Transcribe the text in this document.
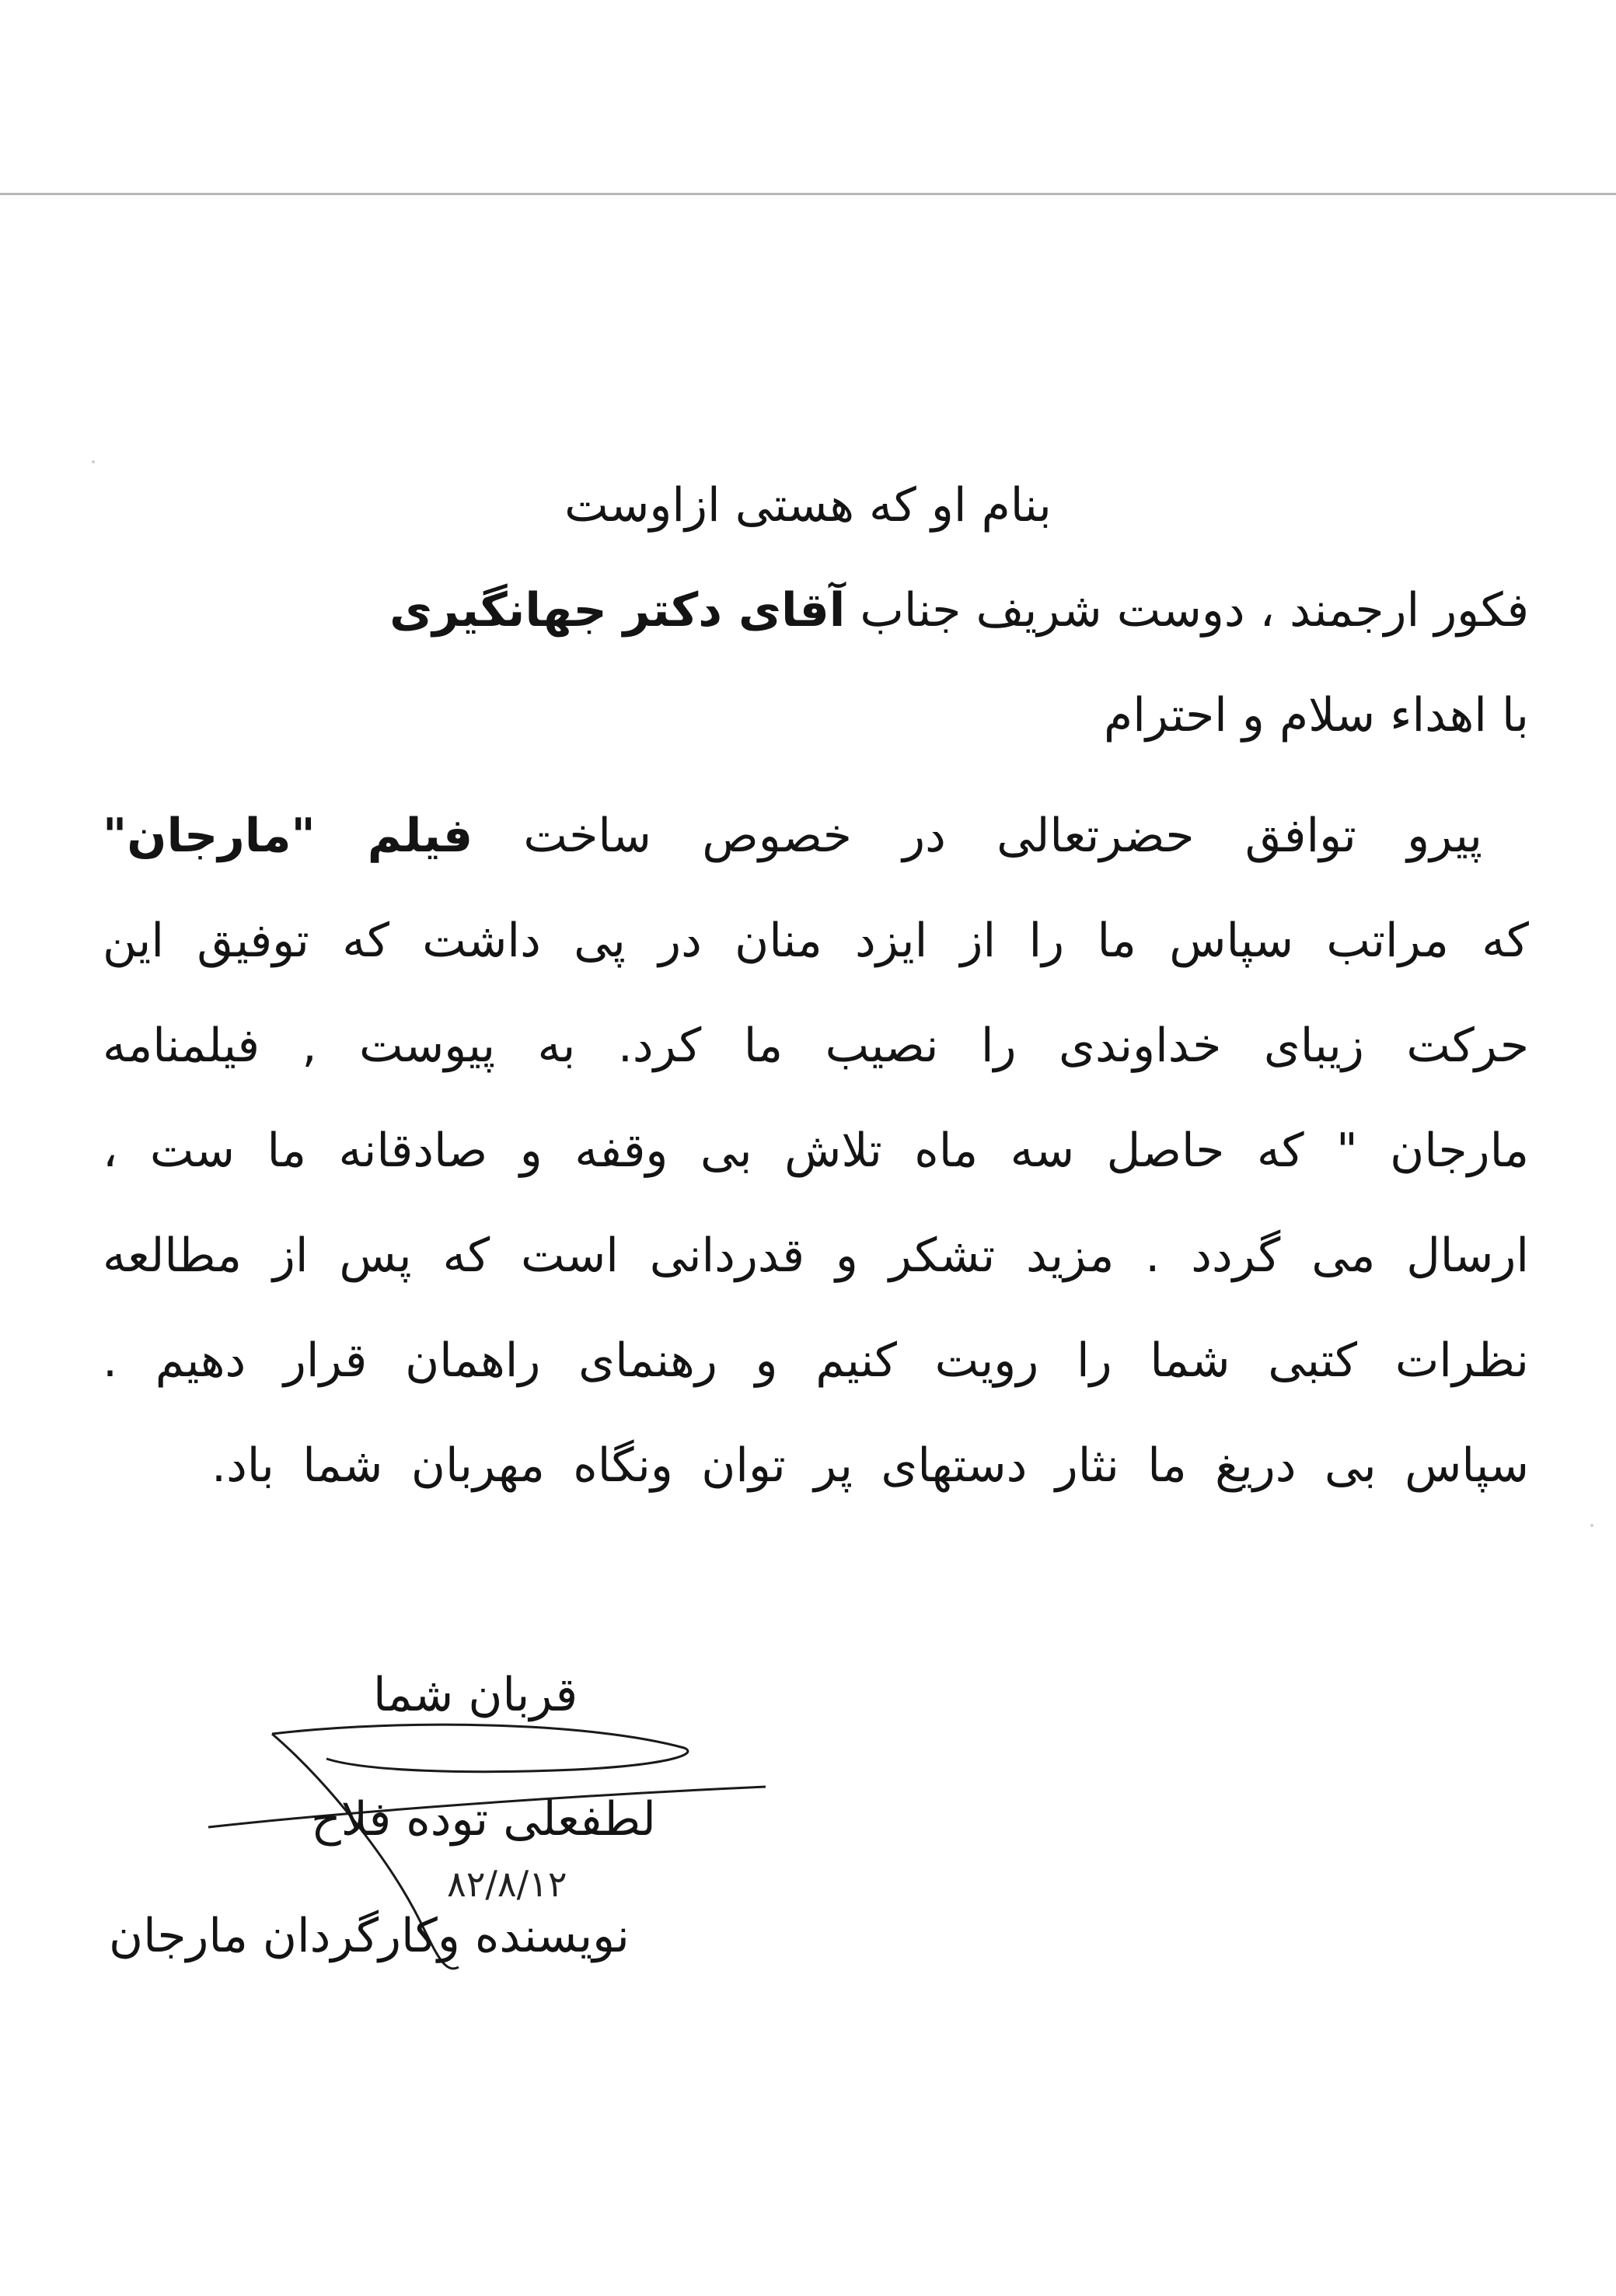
بنام او که هستی ازاوست
فکور ارجمند ، دوست شریف جناب آقای دکتر جهانگیری
با اهداء سلام و احترام
پیرو توافق حضرتعالی در خصوص ساخت فیلم "مارجان"
که مراتب سپاس ما را از ایزد منان در پی داشت که توفیق این
حرکت زیبای خداوندی را نصیب ما کرد. به پیوست , فیلمنامه
مارجان " که حاصل سه ماه تلاش بی وقفه و صادقانه ما ست ،
ارسال می گردد . مزید تشکر و قدردانی است که پس از مطالعه
نظرات کتبی شما را رویت کنیم و رهنمای راهمان قرار دهیم .
سپاس بی دریغ ما نثار دستهای پر توان ونگاه مهربان شما باد.
قربان شما
لطفعلی توده فلاح
۸۲/۸/۱۲
نویسنده وکارگردان مارجان
